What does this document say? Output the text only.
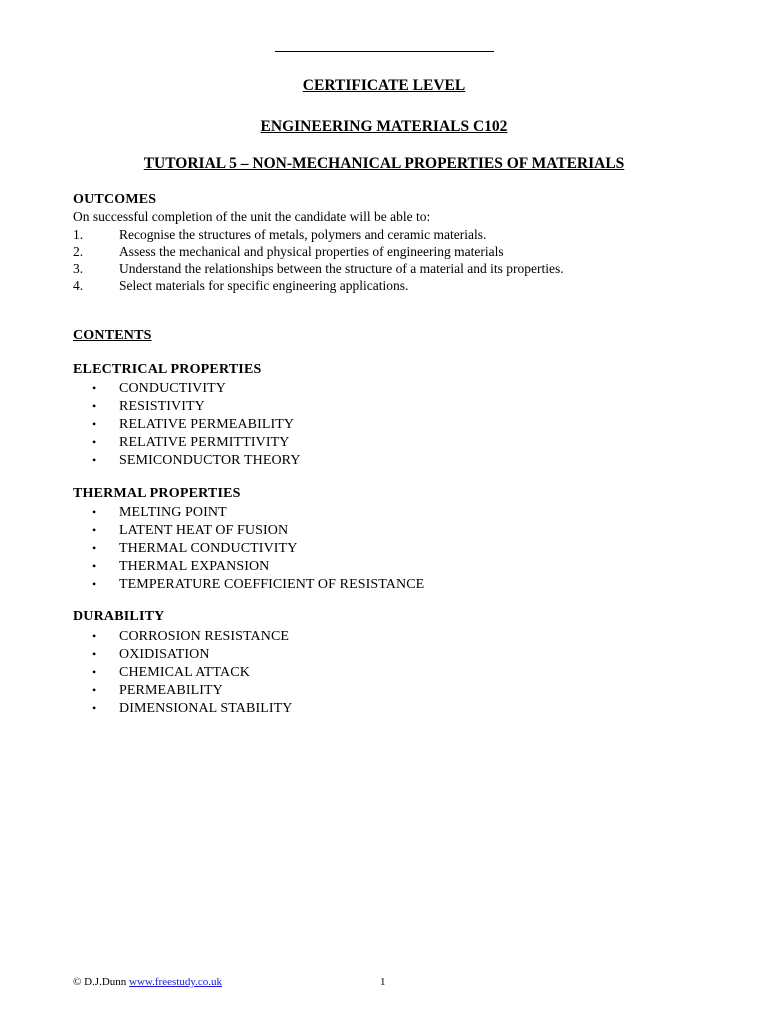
CERTIFICATE LEVEL
ENGINEERING MATERIALS C102
TUTORIAL 5 – NON-MECHANICAL PROPERTIES OF MATERIALS
OUTCOMES
On successful completion of the unit the candidate will be able to:
1.	Recognise the structures of metals, polymers and ceramic materials.
2.	Assess the mechanical and physical properties of engineering materials
3.	Understand the relationships between the structure of a material and its properties.
4.	Select materials for specific engineering applications.
CONTENTS
ELECTRICAL PROPERTIES
• CONDUCTIVITY
• RESISTIVITY
• RELATIVE PERMEABILITY
• RELATIVE PERMITTIVITY
• SEMICONDUCTOR THEORY
THERMAL PROPERTIES
• MELTING POINT
• LATENT HEAT OF FUSION
• THERMAL CONDUCTIVITY
• THERMAL EXPANSION
• TEMPERATURE COEFFICIENT OF RESISTANCE
DURABILITY
• CORROSION RESISTANCE
• OXIDISATION
• CHEMICAL ATTACK
• PERMEABILITY
• DIMENSIONAL STABILITY
© D.J.Dunn www.freestudy.co.uk	1
